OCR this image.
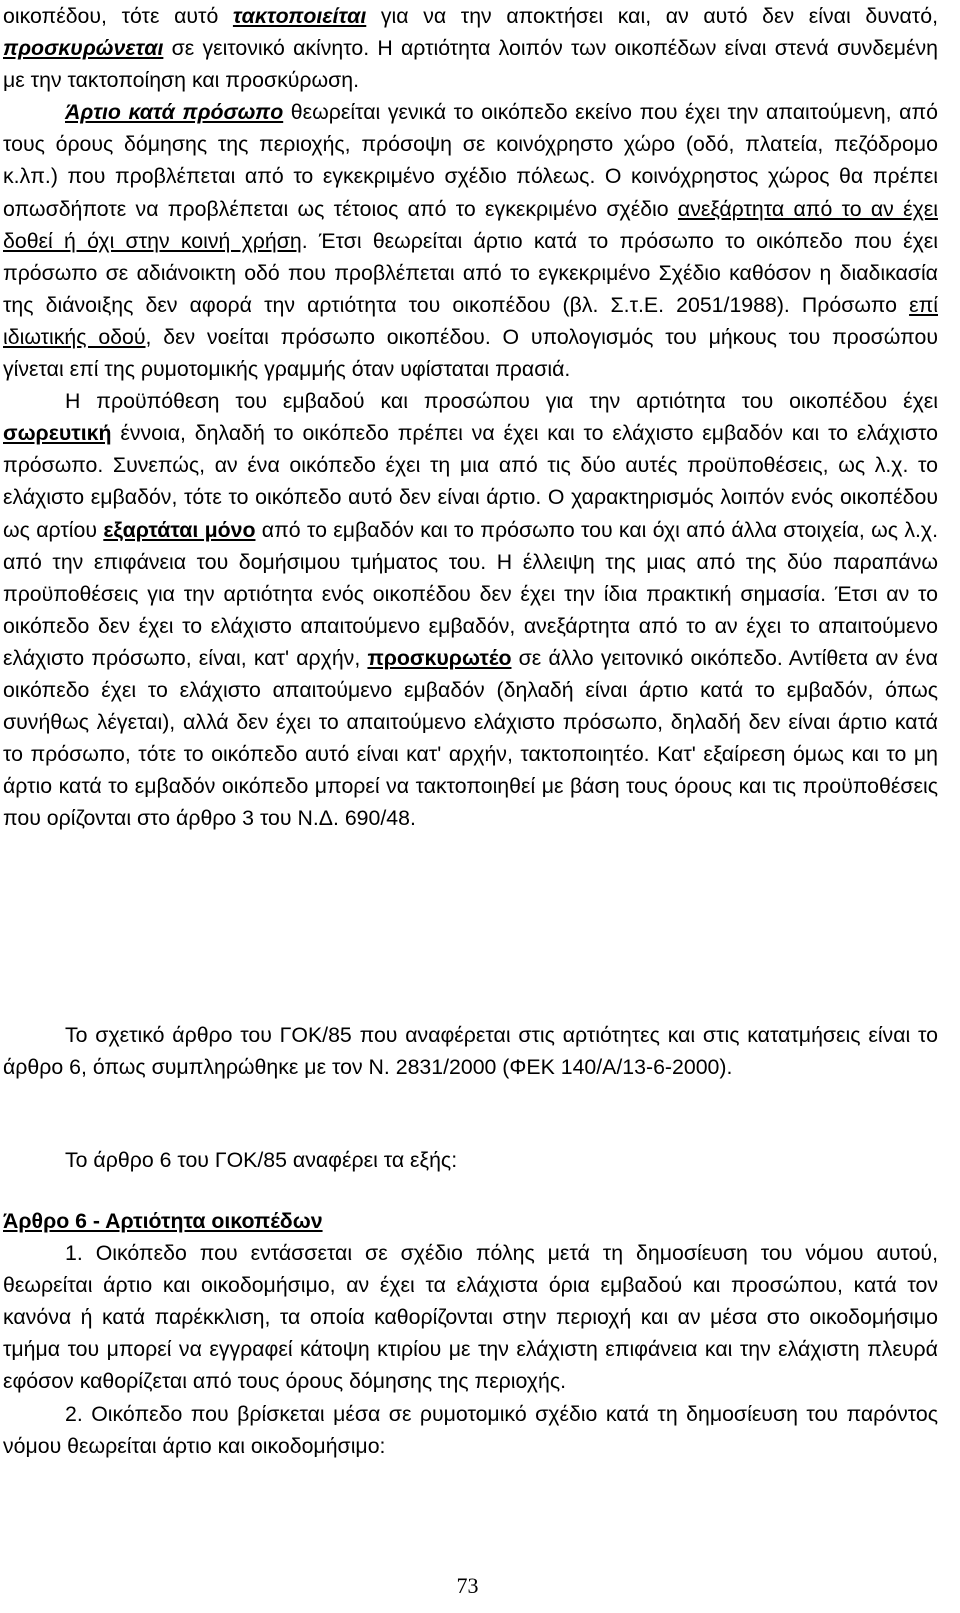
οικοπέδου, τότε αυτό τακτοποιείται για να την αποκτήσει και, αν αυτό δεν είναι δυνατό, προσκυρώνεται σε γειτονικό ακίνητο. Η αρτιότητα λοιπόν των οικοπέδων είναι στενά συνδεμένη με την τακτοποίηση και προσκύρωση.

Άρτιο κατά πρόσωπο θεωρείται γενικά το οικόπεδο εκείνο που έχει την απαιτούμενη, από τους όρους δόμησης της περιοχής, πρόσοψη σε κοινόχρηστο χώρο (οδό, πλατεία, πεζόδρομο κ.λπ.) που προβλέπεται από το εγκεκριμένο σχέδιο πόλεως. Ο κοινόχρηστος χώρος θα πρέπει οπωσδήποτε να προβλέπεται ως τέτοιος από το εγκεκριμένο σχέδιο ανεξάρτητα από το αν έχει δοθεί ή όχι στην κοινή χρήση. Έτσι θεωρείται άρτιο κατά το πρόσωπο το οικόπεδο που έχει πρόσωπο σε αδιάνοικτη οδό που προβλέπεται από το εγκεκριμένο Σχέδιο καθόσον η διαδικασία της διάνοιξης δεν αφορά την αρτιότητα του οικοπέδου (βλ. Σ.τ.Ε. 2051/1988). Πρόσωπο επί ιδιωτικής οδού, δεν νοείται πρόσωπο οικοπέδου. Ο υπολογισμός του μήκους του προσώπου γίνεται επί της ρυμοτομικής γραμμής όταν υφίσταται πρασιά.

Η προϋπόθεση του εμβαδού και προσώπου για την αρτιότητα του οικοπέδου έχει σωρευτική έννοια, δηλαδή το οικόπεδο πρέπει να έχει και το ελάχιστο εμβαδόν και το ελάχιστο πρόσωπο. Συνεπώς, αν ένα οικόπεδο έχει τη μια από τις δύο αυτές προϋποθέσεις, ως λ.χ. το ελάχιστο εμβαδόν, τότε το οικόπεδο αυτό δεν είναι άρτιο. Ο χαρακτηρισμός λοιπόν ενός οικοπέδου ως αρτίου εξαρτάται μόνο από το εμβαδόν και το πρόσωπο του και όχι από άλλα στοιχεία, ως λ.χ. από την επιφάνεια του δομήσιμου τμήματος του. Η έλλειψη της μιας από της δύο παραπάνω προϋποθέσεις για την αρτιότητα ενός οικοπέδου δεν έχει την ίδια πρακτική σημασία. Έτσι αν το οικόπεδο δεν έχει το ελάχιστο απαιτούμενο εμβαδόν, ανεξάρτητα από το αν έχει το απαιτούμενο ελάχιστο πρόσωπο, είναι, κατ' αρχήν, προσκυρωτέο σε άλλο γειτονικό οικόπεδο. Αντίθετα αν ένα οικόπεδο έχει το ελάχιστο απαιτούμενο εμβαδόν (δηλαδή είναι άρτιο κατά το εμβαδόν, όπως συνήθως λέγεται), αλλά δεν έχει το απαιτούμενο ελάχιστο πρόσωπο, δηλαδή δεν είναι άρτιο κατά το πρόσωπο, τότε το οικόπεδο αυτό είναι κατ' αρχήν, τακτοποιητέο. Κατ' εξαίρεση όμως και το μη άρτιο κατά το εμβαδόν οικόπεδο μπορεί να τακτοποιηθεί με βάση τους όρους και τις προϋποθέσεις που ορίζονται στο άρθρο 3 του Ν.Δ. 690/48.

Το σχετικό άρθρο του ΓΟΚ/85 που αναφέρεται στις αρτιότητες και στις κατατμήσεις είναι το άρθρο 6, όπως συμπληρώθηκε με τον Ν. 2831/2000 (ΦΕΚ 140/Α/13-6-2000).

Το άρθρο 6 του ΓΟΚ/85 αναφέρει τα εξής:

Άρθρο 6 - Αρτιότητα οικοπέδων

1. Οικόπεδο που εντάσσεται σε σχέδιο πόλης μετά τη δημοσίευση του νόμου αυτού, θεωρείται άρτιο και οικοδομήσιμο, αν έχει τα ελάχιστα όρια εμβαδού και προσώπου, κατά τον κανόνα ή κατά παρέκκλιση, τα οποία καθορίζονται στην περιοχή και αν μέσα στο οικοδομήσιμο τμήμα του μπορεί να εγγραφεί κάτοψη κτιρίου με την ελάχιστη επιφάνεια και την ελάχιστη πλευρά εφόσον καθορίζεται από τους όρους δόμησης της περιοχής.

2. Οικόπεδο που βρίσκεται μέσα σε ρυμοτομικό σχέδιο κατά τη δημοσίευση του παρόντος νόμου θεωρείται άρτιο και οικοδομήσιμο:

73
